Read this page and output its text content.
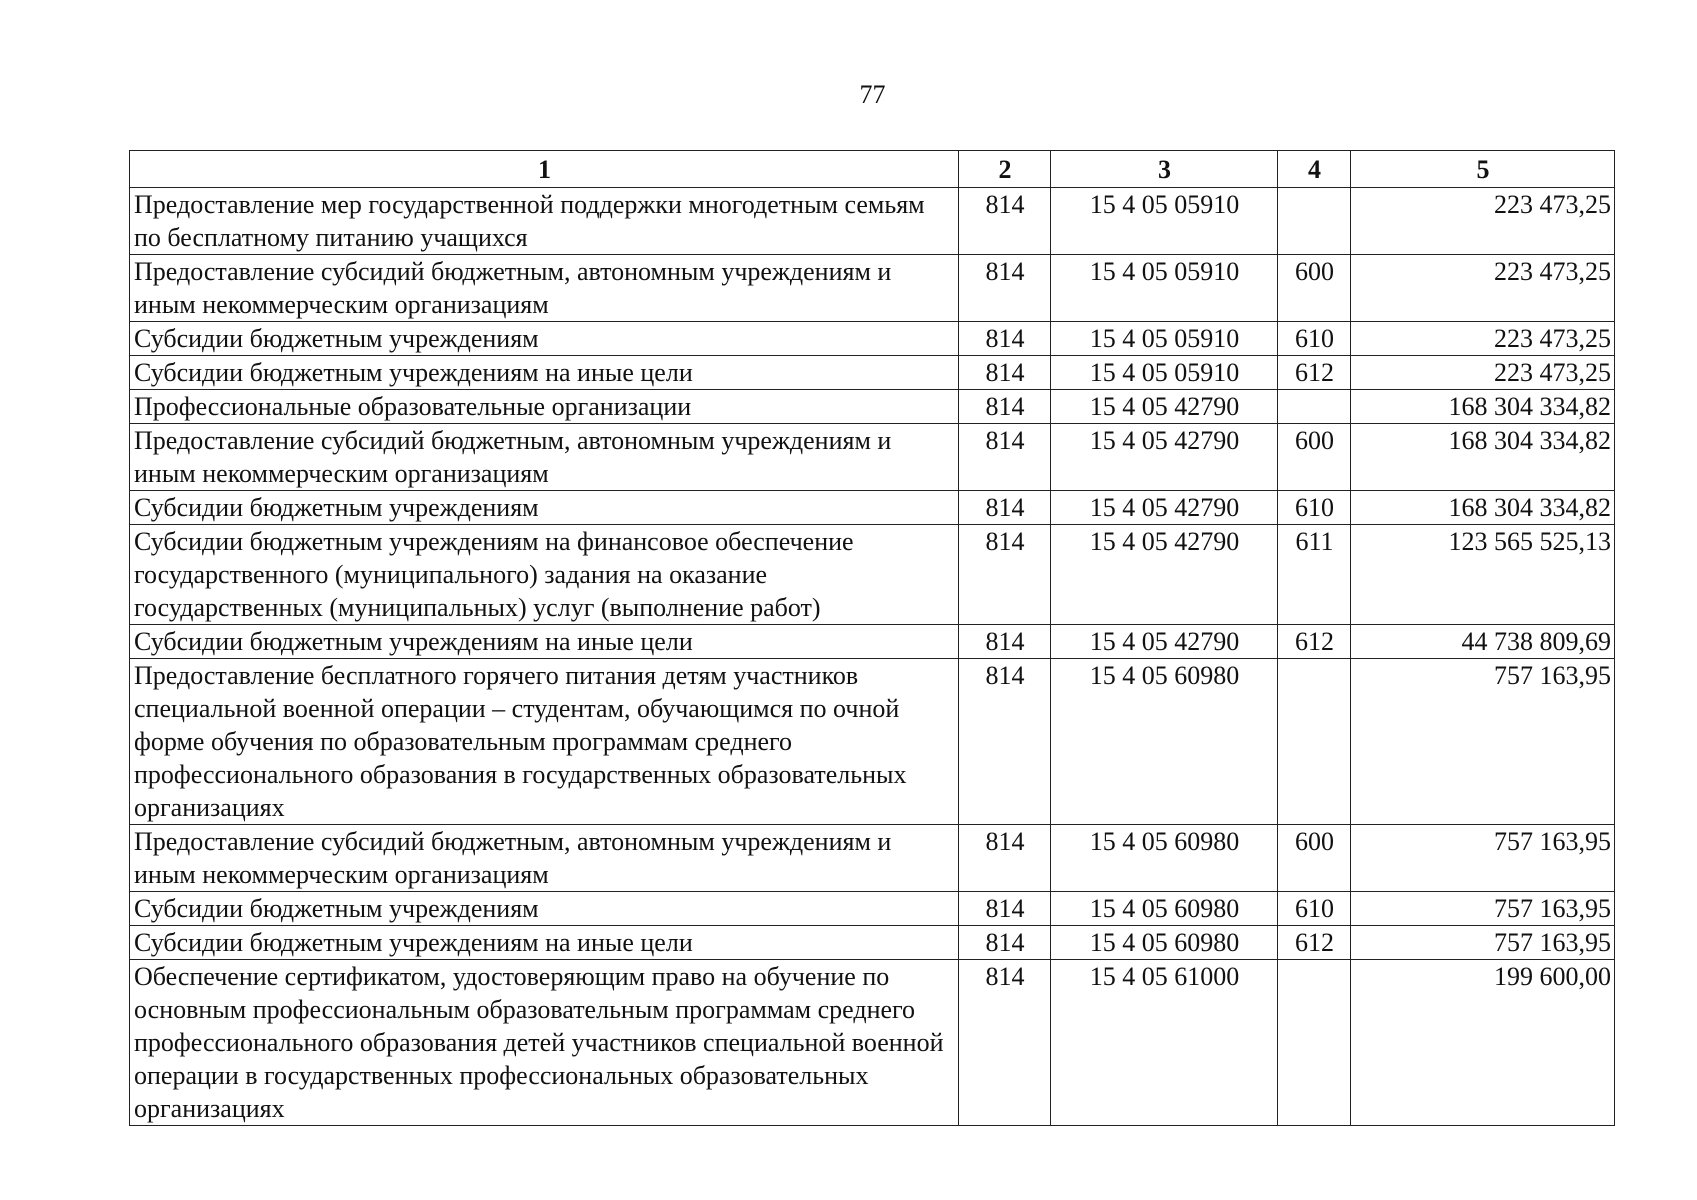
77
1	2	3	4	5
Предоставление мер государственной поддержки многодетным семьям по бесплатному питанию учащихся	814	15 4 05 05910		223 473,25
Предоставление субсидий бюджетным, автономным учреждениям и иным некоммерческим организациям	814	15 4 05 05910	600	223 473,25
Субсидии бюджетным учреждениям	814	15 4 05 05910	610	223 473,25
Субсидии бюджетным учреждениям на иные цели	814	15 4 05 05910	612	223 473,25
Профессиональные образовательные организации	814	15 4 05 42790		168 304 334,82
Предоставление субсидий бюджетным, автономным учреждениям и иным некоммерческим организациям	814	15 4 05 42790	600	168 304 334,82
Субсидии бюджетным учреждениям	814	15 4 05 42790	610	168 304 334,82
Субсидии бюджетным учреждениям на финансовое обеспечение государственного (муниципального) задания на оказание государственных (муниципальных) услуг (выполнение работ)	814	15 4 05 42790	611	123 565 525,13
Субсидии бюджетным учреждениям на иные цели	814	15 4 05 42790	612	44 738 809,69
Предоставление бесплатного горячего питания детям участников специальной военной операции – студентам, обучающимся по очной форме обучения по образовательным программам среднего профессионального образования в государственных образовательных организациях	814	15 4 05 60980		757 163,95
Предоставление субсидий бюджетным, автономным учреждениям и иным некоммерческим организациям	814	15 4 05 60980	600	757 163,95
Субсидии бюджетным учреждениям	814	15 4 05 60980	610	757 163,95
Субсидии бюджетным учреждениям на иные цели	814	15 4 05 60980	612	757 163,95
Обеспечение сертификатом, удостоверяющим право на обучение по основным профессиональным образовательным программам среднего профессионального образования детей участников специальной военной операции в государственных профессиональных образовательных организациях	814	15 4 05 61000		199 600,00
